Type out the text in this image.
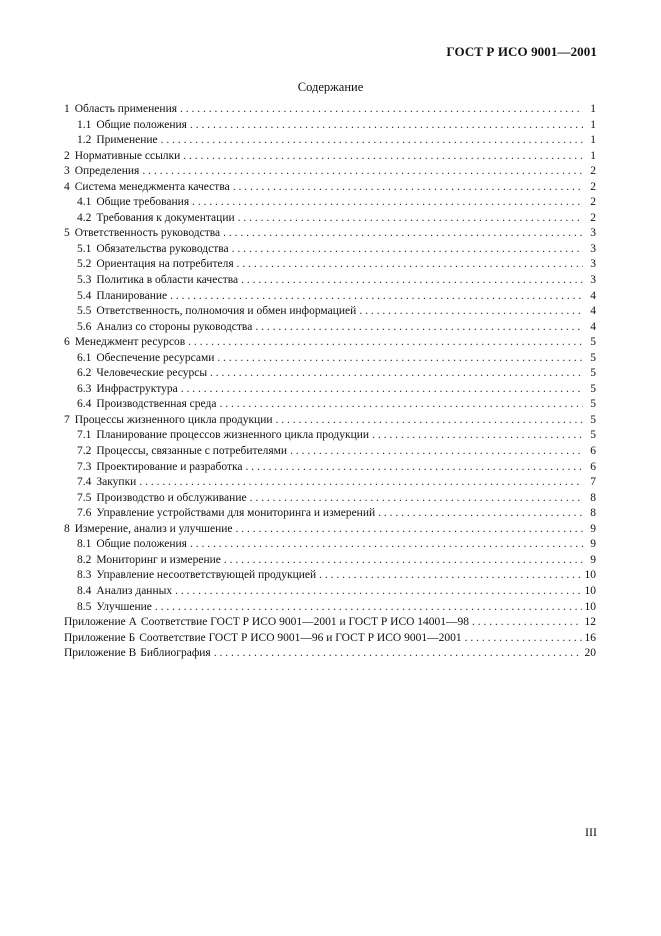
ГОСТ Р ИСО 9001—2001
Содержание
1 Область применения . . .	1
1.1 Общие положения . . .	1
1.2 Применение . . .	1
2 Нормативные ссылки . . .	1
3 Определения . . .	2
4 Система менеджмента качества . . .	2
4.1 Общие требования . . .	2
4.2 Требования к документации . . .	2
5 Ответственность руководства . . .	3
5.1 Обязательства руководства . . .	3
5.2 Ориентация на потребителя . . .	3
5.3 Политика в области качества . . .	3
5.4 Планирование . . .	4
5.5 Ответственность, полномочия и обмен информацией . . .	4
5.6 Анализ со стороны руководства . . .	4
6 Менеджмент ресурсов . . .	5
6.1 Обеспечение ресурсами . . .	5
6.2 Человеческие ресурсы . . .	5
6.3 Инфраструктура . . .	5
6.4 Производственная среда . . .	5
7 Процессы жизненного цикла продукции . . .	5
7.1 Планирование процессов жизненного цикла продукции . . .	5
7.2 Процессы, связанные с потребителями . . .	6
7.3 Проектирование и разработка . . .	6
7.4 Закупки . . .	7
7.5 Производство и обслуживание . . .	8
7.6 Управление устройствами для мониторинга и измерений . . .	8
8 Измерение, анализ и улучшение . . .	9
8.1 Общие положения . . .	9
8.2 Мониторинг и измерение . . .	9
8.3 Управление несоответствующей продукцией . . .	10
8.4 Анализ данных . . .	10
8.5 Улучшение . . .	10
Приложение А Соответствие ГОСТ Р ИСО 9001—2001 и ГОСТ Р ИСО 14001—98 . . .	12
Приложение Б Соответствие ГОСТ Р ИСО 9001—96 и ГОСТ Р ИСО 9001—2001 . . .	16
Приложение В Библиография . . .	20
III
